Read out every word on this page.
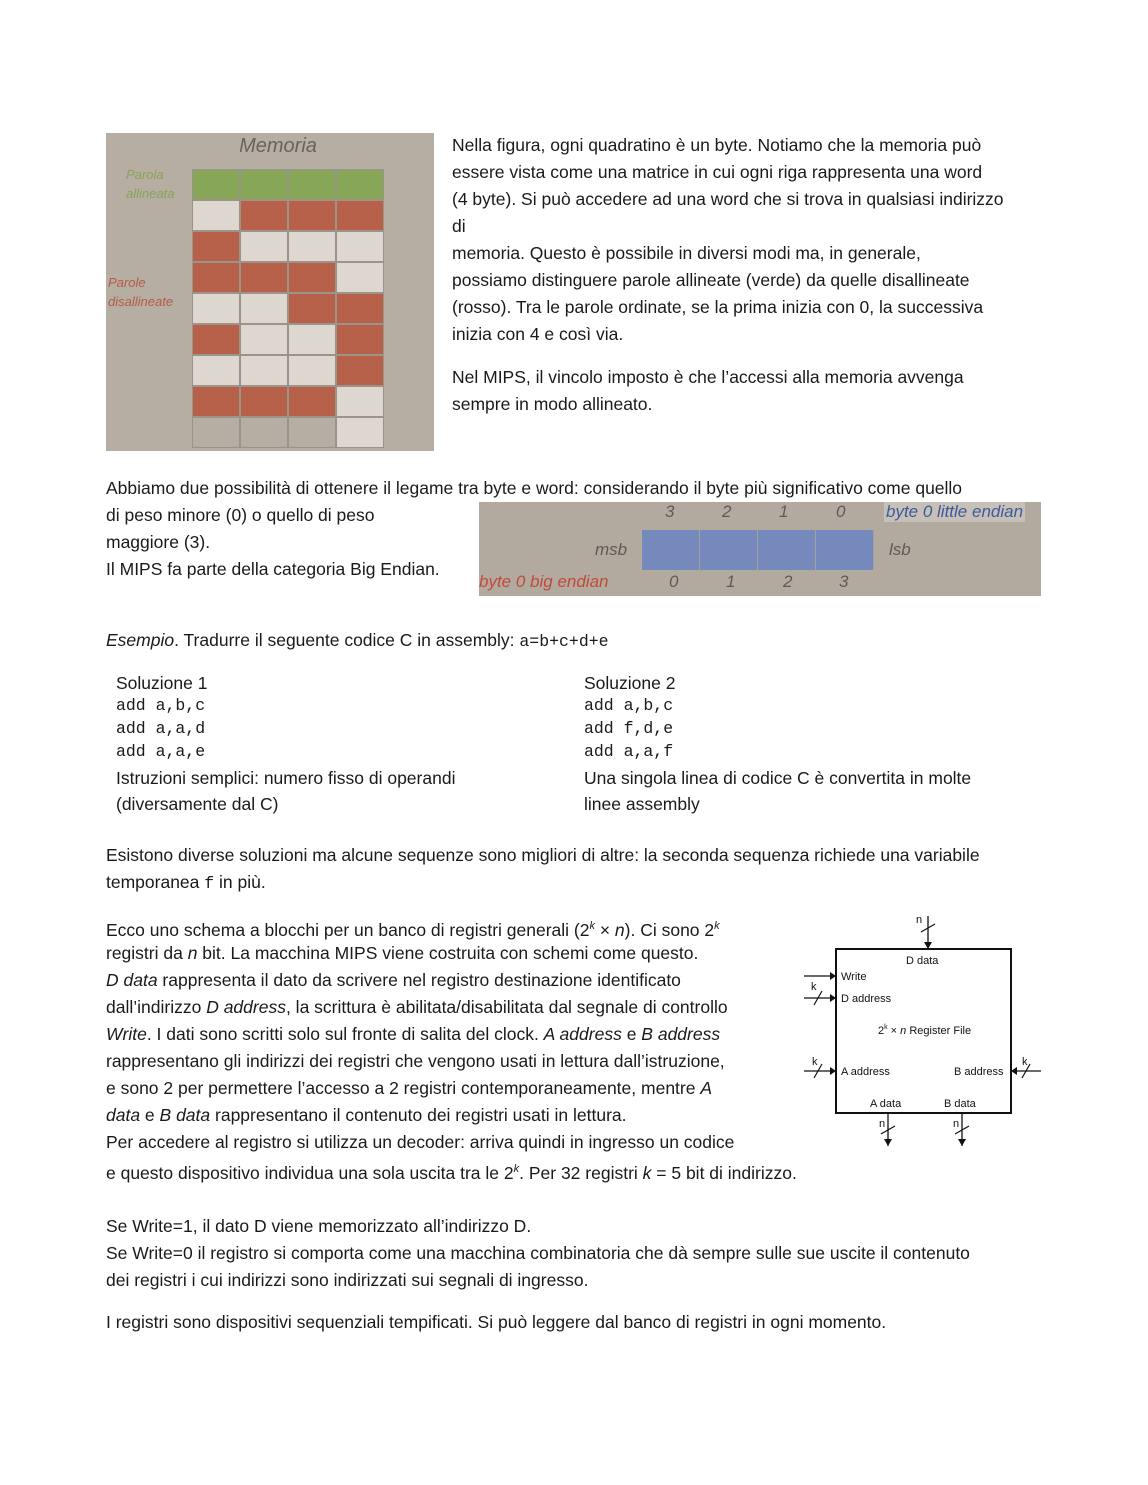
Memoria
Parola
allineata
Parole
disallineate

Nella figura, ogni quadratino è un byte. Notiamo che la memoria può

essere vista come una matrice in cui ogni riga rappresenta una word

(4 byte). Si può accedere ad una word che si trova in qualsiasi indirizzo

di

memoria. Questo è possibile in diversi modi ma, in generale,

possiamo distinguere parole allineate (verde) da quelle disallineate

(rosso). Tra le parole ordinate, se la prima inizia con 0, la successiva

inizia con 4 e così via.

Nel MIPS, il vincolo imposto è che l’accessi alla memoria avvenga

sempre in modo allineato.

Abbiamo due possibilità di ottenere il legame tra byte e word: considerando il byte più significativo come quello

di peso minore (0) o quello di peso

maggiore (3).

Il MIPS fa parte della categoria Big Endian.

3	2	1	0 byte 0 little endian
msb	lsb
byte 0 big endian	0	1	2	3

Esempio. Tradurre il seguente codice C in assembly: a=b+c+d+e

Soluzione 1

add a,b,c

add a,a,d

add a,a,e

Istruzioni semplici: numero fisso di operandi

(diversamente dal C)

Soluzione 2

add a,b,c

add f,d,e

add a,a,f

Una singola linea di codice C è convertita in molte

linee assembly

Esistono diverse soluzioni ma alcune sequenze sono migliori di altre: la seconda sequenza richiede una variabile

temporanea f in più.

Ecco uno schema a blocchi per un banco di registri generali $(2^k \times n)$. Ci sono 2$^k$

registri da n bit. La macchina MIPS viene costruita con schemi come questo.

D data rappresenta il dato da scrivere nel registro destinazione identificato

dall’indirizzo D address, la scrittura è abilitata/disabilitata dal segnale di controllo

Write. I dati sono scritti solo sul fronte di salita del clock. A address e B address

rappresentano gli indirizzi dei registri che vengono usati in lettura dall’istruzione,

e sono 2 per permettere l’accesso a 2 registri contemporaneamente, mentre A

data e B data rappresentano il contenuto dei registri usati in lettura.

Per accedere al registro si utilizza un decoder: arriva quindi in ingresso un codice

e questo dispositivo individua una sola uscita tra le 2$^k$. Per 32 registri k = 5 bit di indirizzo.

n
D data
Write
k
D address
$2^k \times n$ Register File
k
A address
k
B address
A data	B data
n	n

Se Write=1, il dato D viene memorizzato all’indirizzo D.

Se Write=0 il registro si comporta come una macchina combinatoria che dà sempre sulle sue uscite il contenuto

dei registri i cui indirizzi sono indirizzati sui segnali di ingresso.

I registri sono dispositivi sequenziali tempificati. Si può leggere dal banco di registri in ogni momento.
